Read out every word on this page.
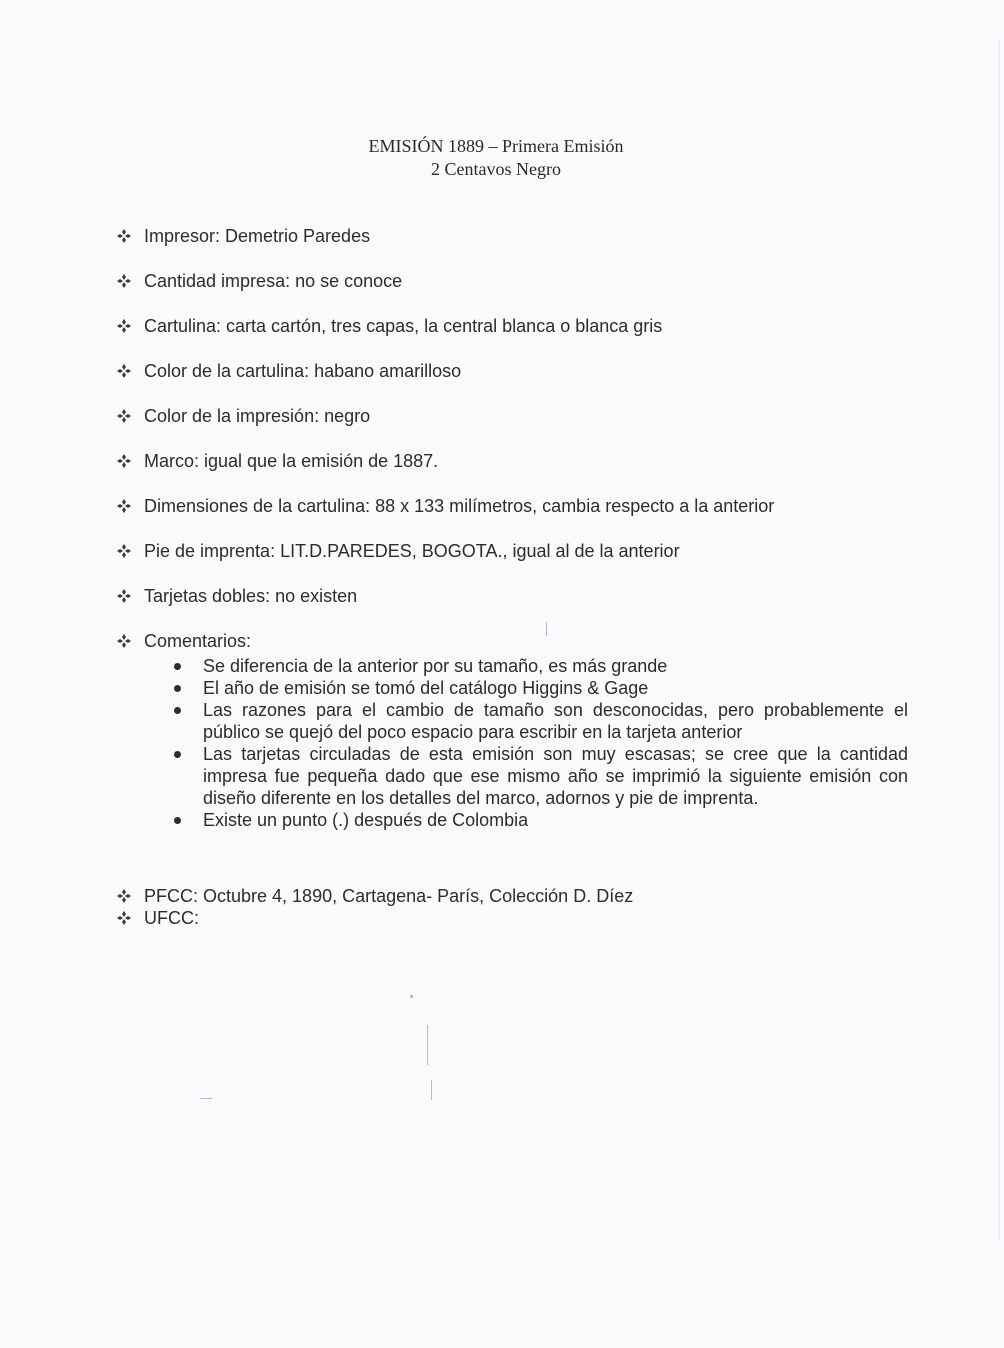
EMISIÓN 1889 – Primera Emisión
2 Centavos Negro
Impresor: Demetrio Paredes
Cantidad impresa: no se conoce
Cartulina: carta cartón, tres capas, la central blanca o blanca gris
Color de la cartulina: habano amarilloso
Color de la impresión: negro
Marco: igual que la emisión de 1887.
Dimensiones de la cartulina: 88 x 133 milímetros, cambia respecto a la anterior
Pie de imprenta: LIT.D.PAREDES, BOGOTA., igual al de la anterior
Tarjetas dobles: no existen
Comentarios:

Se diferencia de la anterior por su tamaño, es más grande

El año de emisión se tomó del catálogo Higgins & Gage

Las razones para el cambio de tamaño son desconocidas, pero probablemente el público se quejó del poco espacio para escribir en la tarjeta anterior

Las tarjetas circuladas de esta emisión son muy escasas; se cree que la cantidad impresa fue pequeña dado que ese mismo año se imprimió la siguiente emisión con diseño diferente en los detalles del marco, adornos y pie de imprenta.

Existe un punto (.) después de Colombia

PFCC: Octubre 4, 1890, Cartagena- París, Colección D. Díez
UFCC:
